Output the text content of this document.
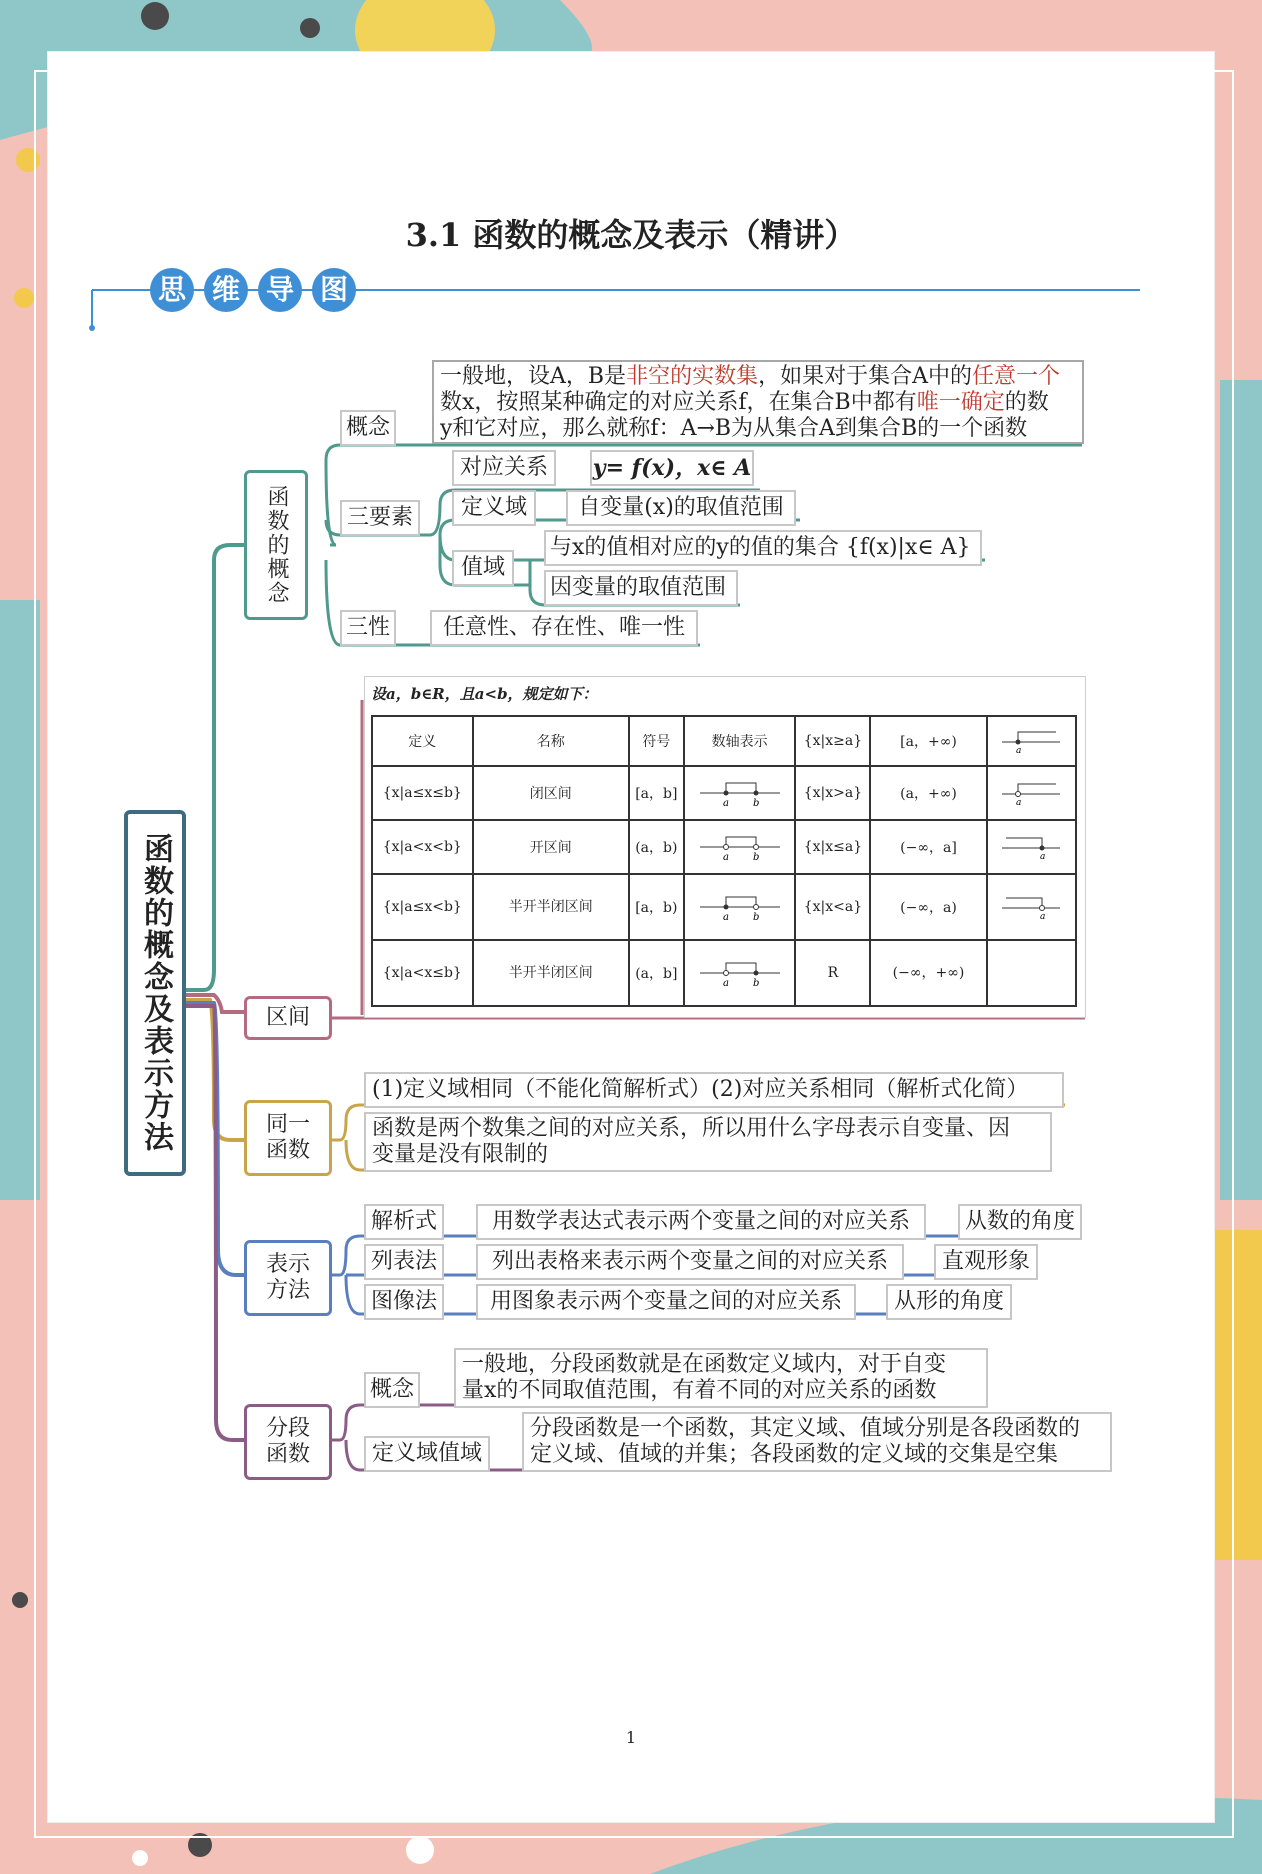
3.1 函数的概念及表示（精讲）
思 维 导 图
函数的概念及表示方法
函数的概念
概念
一般地，设A，B是非空的实数集，如果对于集合A中的任意一个
数x，按照某种确定的对应关系f，在集合B中都有唯一确定的数
y和它对应，那么就称f：A→B为从集合A到集合B的一个函数
三要素
对应关系	y= f(x)，x∈ A
定义域	自变量(x)的取值范围
值域
与x的值相对应的y的值的集合 {f(x)|x∈ A}
因变量的取值范围
三性	任意性、存在性、唯一性
区间
设a，b∈R，且a<b，规定如下：
定义	名称	符号	数轴表示	{x|x≥a}	[a，+∞)	a

{x|a≤x≤b}	闭区间	[a，b]	a b	{x|x>a}	(a，+∞)	a

{x|a<x<b}	开区间	(a，b)	a b	{x|x≤a}	(−∞，a]	a

{x|a≤x<b}	半开半闭区间	[a，b)	a b	{x|x<a}	(−∞，a)	a

{x|a<x≤b}	半开半闭区间	(a，b]	a b	R	(−∞，+∞)	
同一函数
(1)定义域相同（不能化简解析式）(2)对应关系相同（解析式化简）
函数是两个数集之间的对应关系，所以用什么字母表示自变量、因
变量是没有限制的
表示方法
解析式	用数学表达式表示两个变量之间的对应关系	从数的角度
列表法	列出表格来表示两个变量之间的对应关系	直观形象
图像法	用图象表示两个变量之间的对应关系	从形的角度
分段函数
概念
一般地，分段函数就是在函数定义域内，对于自变
量x的不同取值范围，有着不同的对应关系的函数
定义域值域
分段函数是一个函数，其定义域、值域分别是各段函数的
定义域、值域的并集；各段函数的定义域的交集是空集
1
